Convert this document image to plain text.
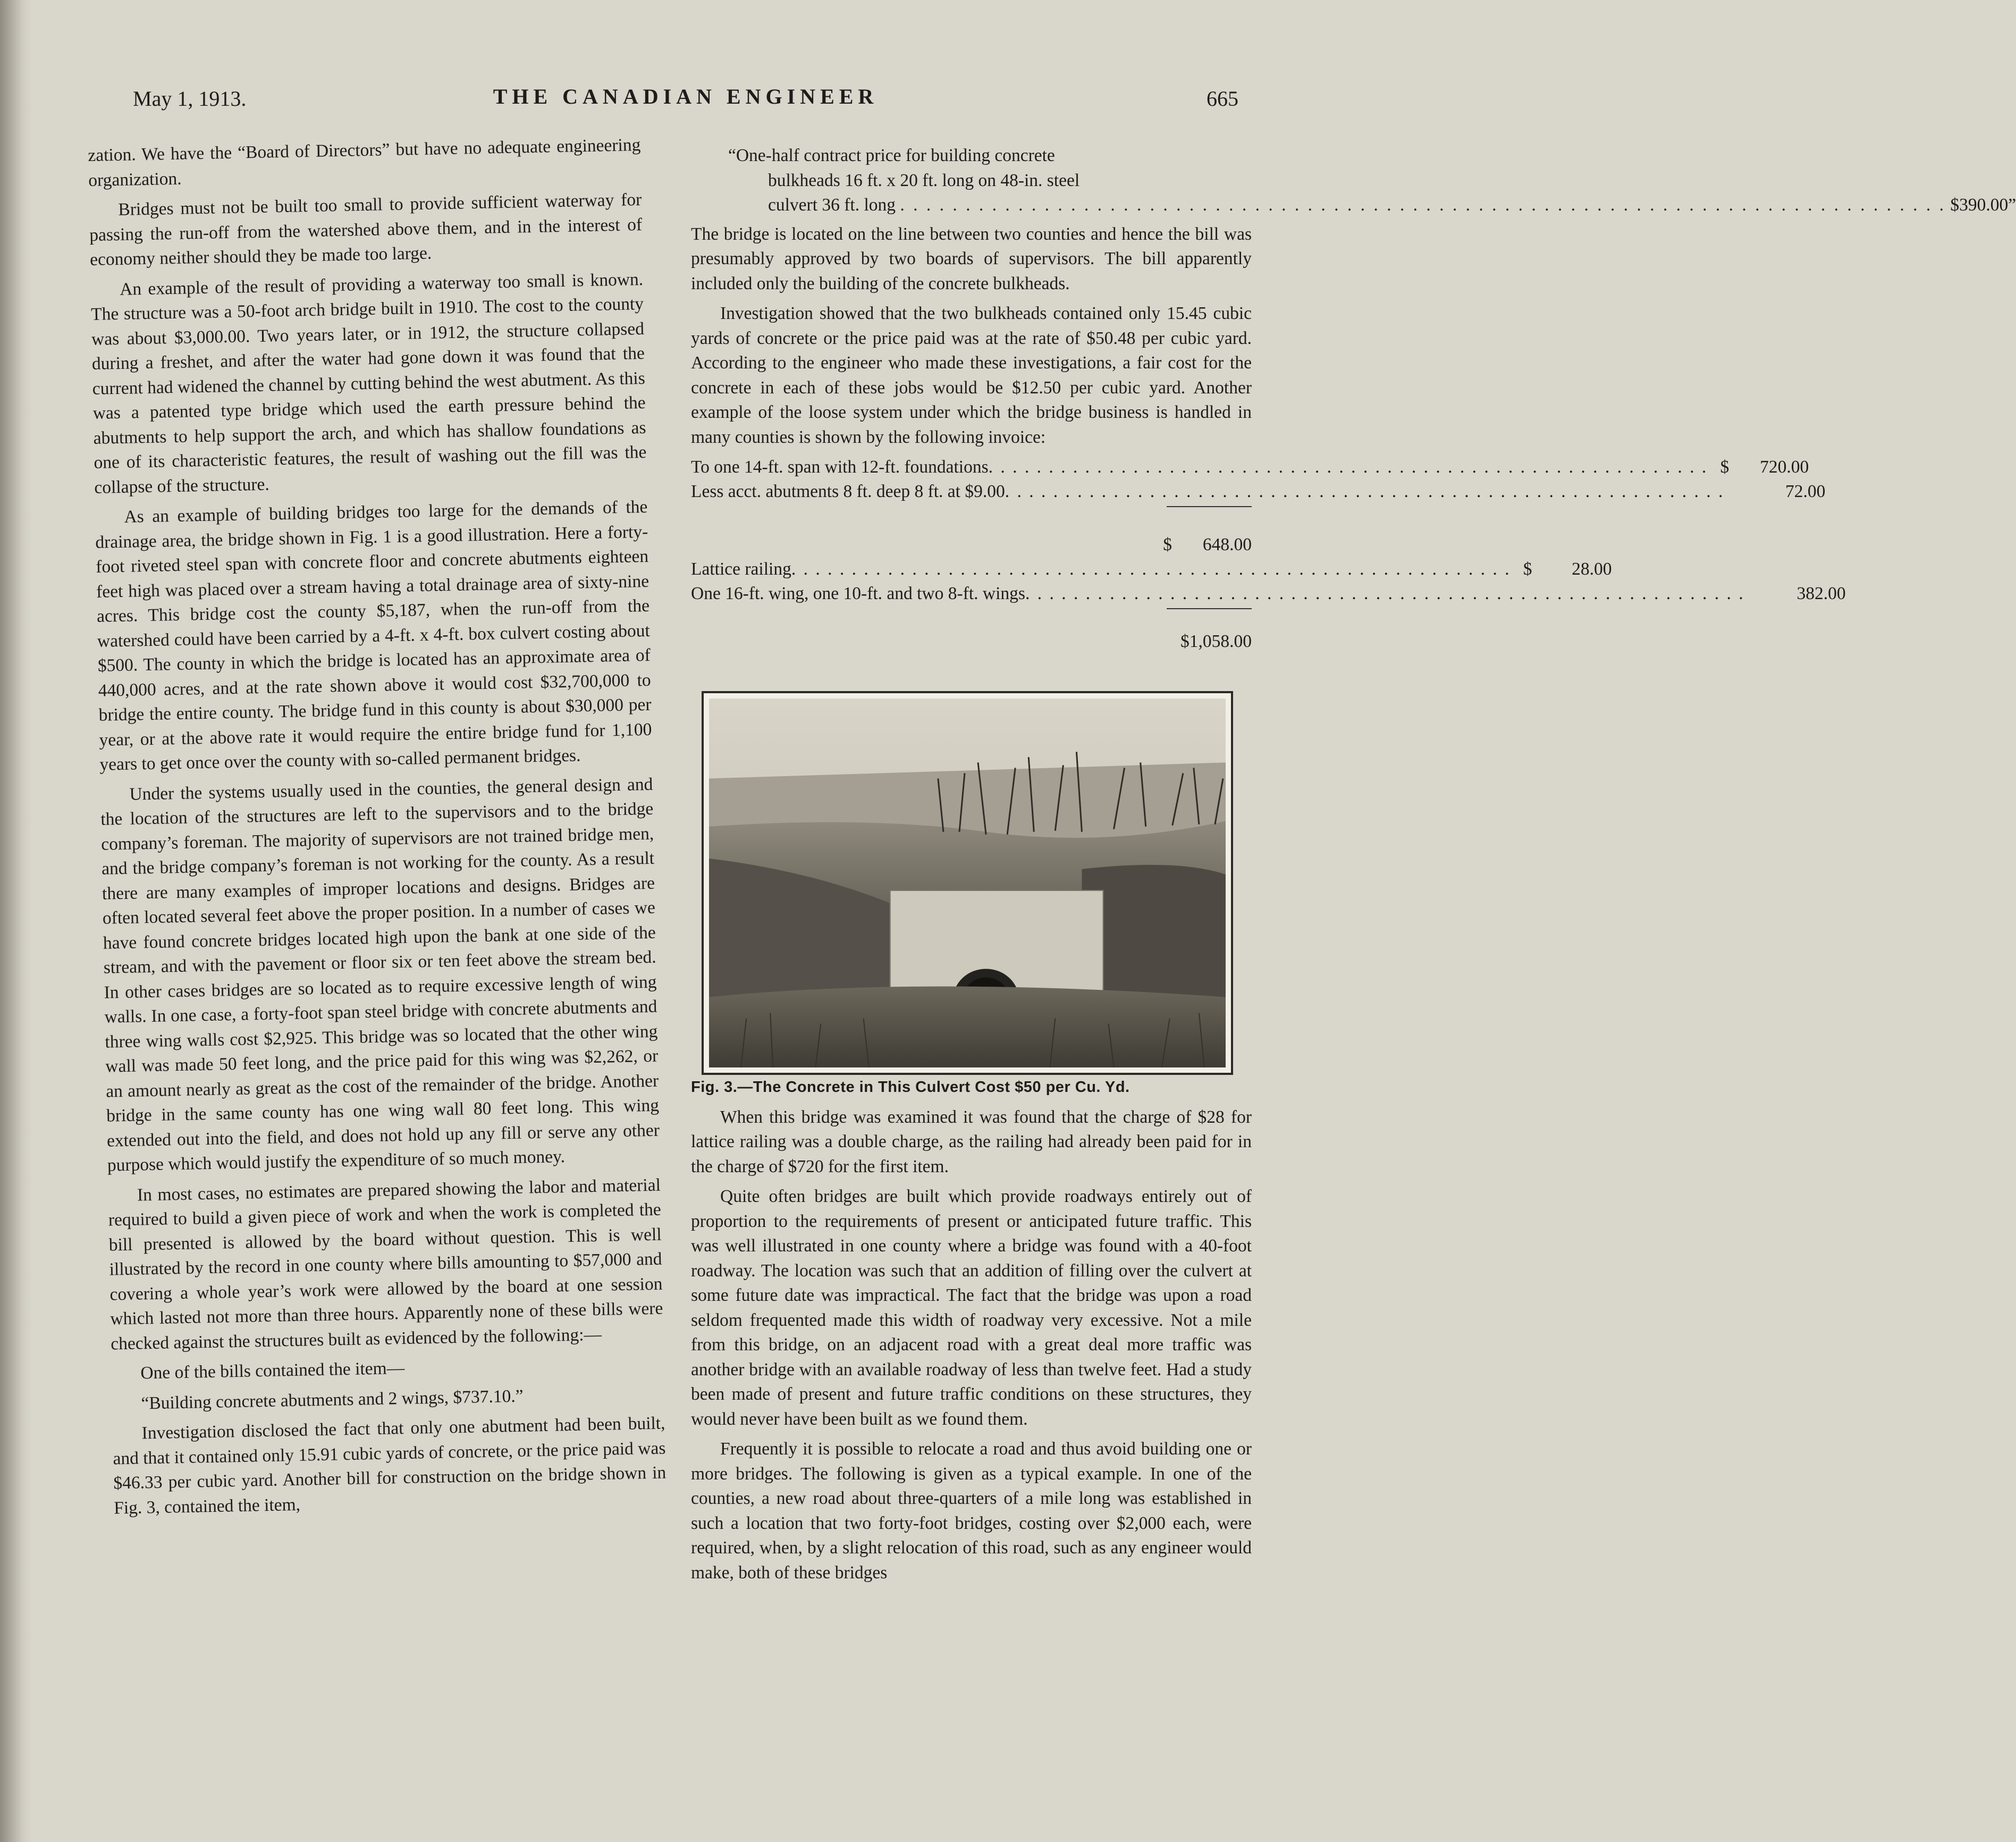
May 1, 1913.	THE CANADIAN ENGINEER	665

zation. We have the “Board of Directors” but have no adequate engineering organization.

Bridges must not be built too small to provide sufficient waterway for passing the run-off from the watershed above them, and in the interest of economy neither should they be made too large.

An example of the result of providing a waterway too small is known. The structure was a 50-foot arch bridge built in 1910. The cost to the county was about $3,000.00. Two years later, or in 1912, the structure collapsed during a freshet, and after the water had gone down it was found that the current had widened the channel by cutting behind the west abutment. As this was a patented type bridge which used the earth pressure behind the abutments to help support the arch, and which has shallow foundations as one of its characteristic features, the result of washing out the fill was the collapse of the structure.

As an example of building bridges too large for the demands of the drainage area, the bridge shown in Fig. 1 is a good illustration. Here a forty-foot riveted steel span with concrete floor and concrete abutments eighteen feet high was placed over a stream having a total drainage area of sixty-nine acres. This bridge cost the county $5,187, when the run-off from the watershed could have been carried by a 4-ft. x 4-ft. box culvert costing about $500. The county in which the bridge is located has an approximate area of 440,000 acres, and at the rate shown above it would cost $32,700,000 to bridge the entire county. The bridge fund in this county is about $30,000 per year, or at the above rate it would require the entire bridge fund for 1,100 years to get once over the county with so-called permanent bridges.

Under the systems usually used in the counties, the general design and the location of the structures are left to the supervisors and to the bridge company’s foreman. The majority of supervisors are not trained bridge men, and the bridge company’s foreman is not working for the county. As a result there are many examples of improper locations and designs. Bridges are often located several feet above the proper position. In a number of cases we have found concrete bridges located high upon the bank at one side of the stream, and with the pavement or floor six or ten feet above the stream bed. In other cases bridges are so located as to require excessive length of wing walls. In one case, a forty-foot span steel bridge with concrete abutments and three wing walls cost $2,925. This bridge was so located that the other wing wall was made 50 feet long, and the price paid for this wing was $2,262, or an amount nearly as great as the cost of the remainder of the bridge. Another bridge in the same county has one wing wall 80 feet long. This wing extended out into the field, and does not hold up any fill or serve any other purpose which would justify the expenditure of so much money.

In most cases, no estimates are prepared showing the labor and material required to build a given piece of work and when the work is completed the bill presented is allowed by the board without question. This is well illustrated by the record in one county where bills amounting to $57,000 and covering a whole year’s work were allowed by the board at one session which lasted not more than three hours. Apparently none of these bills were checked against the structures built as evidenced by the following:—

One of the bills contained the item—

“Building concrete abutments and 2 wings, $737.10.”

Investigation disclosed the fact that only one abutment had been built, and that it contained only 15.91 cubic yards of concrete, or the price paid was $46.33 per cubic yard. Another bill for construction on the bridge shown in Fig. 3, contained the item,

“One-half contract price for building concrete
bulkheads 16 ft. x 20 ft. long on 48-in. steel
culvert 36 ft. long . . .	$390.00”

The bridge is located on the line between two counties and hence the bill was presumably approved by two boards of supervisors. The bill apparently included only the building of the concrete bulkheads.

Investigation showed that the two bulkheads contained only 15.45 cubic yards of concrete or the price paid was at the rate of $50.48 per cubic yard. According to the engineer who made these investigations, a fair cost for the concrete in each of these jobs would be $12.50 per cubic yard. Another example of the loose system under which the bridge business is handled in many counties is shown by the following invoice:

To one 14-ft. span with 12-ft. foundations . . .	$	720.00
Less acct. abutments 8 ft. deep 8 ft. at $9.00 . . .	72.00
$	648.00
Lattice railing . . .	$	28.00
One 16-ft. wing, one 10-ft. and two 8-ft. wings . . .	382.00
$1,058.00

Fig. 3.—The Concrete in This Culvert Cost $50 per Cu. Yd.

When this bridge was examined it was found that the charge of $28 for lattice railing was a double charge, as the railing had already been paid for in the charge of $720 for the first item.

Quite often bridges are built which provide roadways entirely out of proportion to the requirements of present or anticipated future traffic. This was well illustrated in one county where a bridge was found with a 40-foot roadway. The location was such that an addition of filling over the culvert at some future date was impractical. The fact that the bridge was upon a road seldom frequented made this width of roadway very excessive. Not a mile from this bridge, on an adjacent road with a great deal more traffic was another bridge with an available roadway of less than twelve feet. Had a study been made of present and future traffic conditions on these structures, they would never have been built as we found them.

Frequently it is possible to relocate a road and thus avoid building one or more bridges. The following is given as a typical example. In one of the counties, a new road about three-quarters of a mile long was established in such a location that two forty-foot bridges, costing over $2,000 each, were required, when, by a slight relocation of this road, such as any engineer would make, both of these bridges
